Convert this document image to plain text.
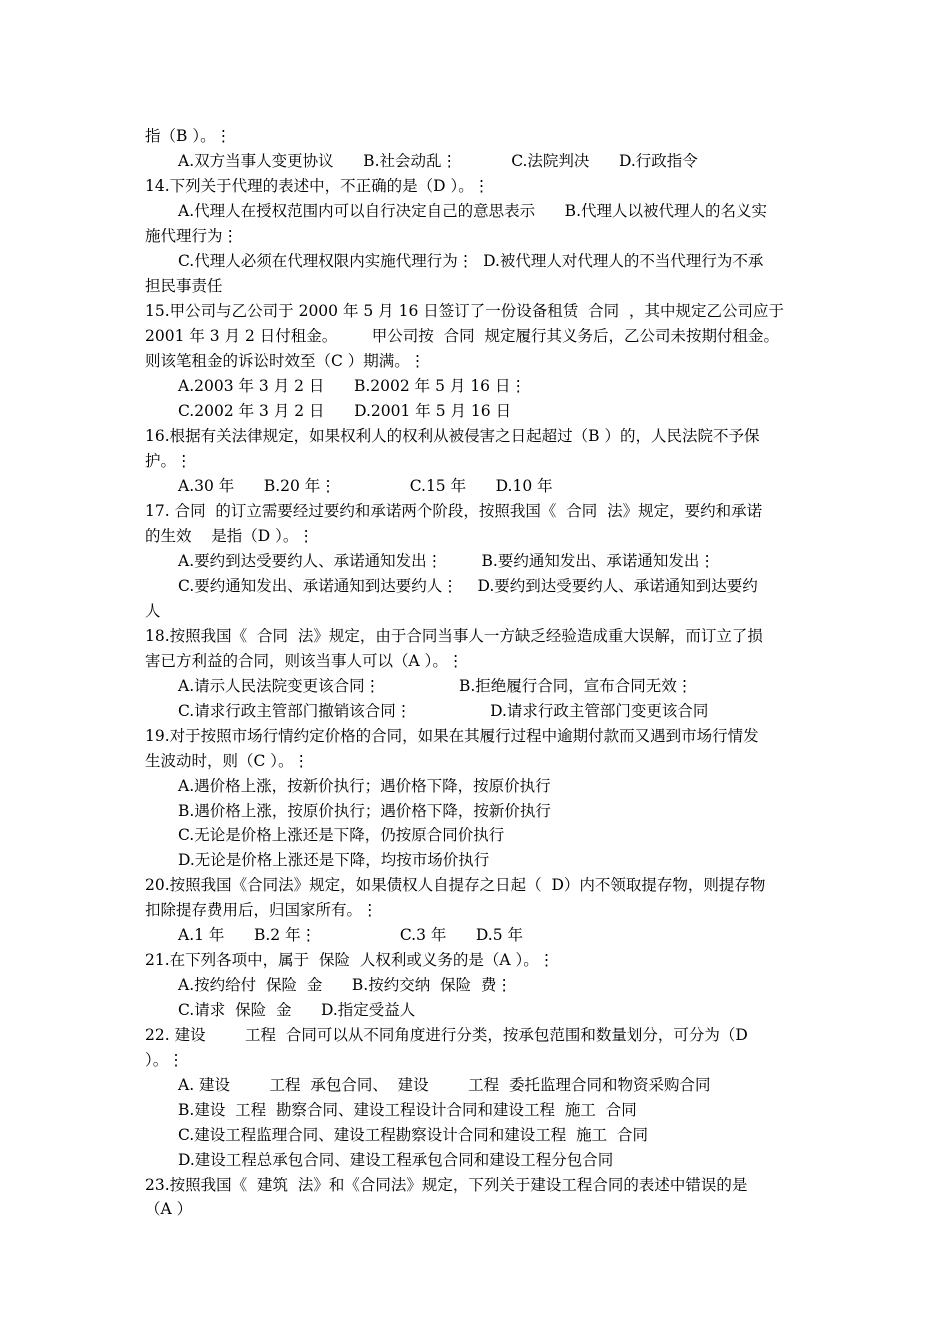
指（B ）。⋮
A.双方当事人变更协议      B.社会动乱⋮           C.法院判决      D.行政指令
14.下列关于代理的表述中，不正确的是（D ）。⋮
A.代理人在授权范围内可以自行决定自己的意思表示      B.代理人以被代理人的名义实
施代理行为⋮
C.代理人必须在代理权限内实施代理行为⋮  D.被代理人对代理人的不当代理行为不承
担民事责任
15.甲公司与乙公司于 2000 年 5 月 16 日签订了一份设备租赁  合同  ，其中规定乙公司应于
2001 年 3 月 2 日付租金。       甲公司按  合同  规定履行其义务后，乙公司未按期付租金。
则该笔租金的诉讼时效至（C ）期满。⋮
A.2003 年 3 月 2 日      B.2002 年 5 月 16 日⋮
C.2002 年 3 月 2 日      D.2001 年 5 月 16 日
16.根据有关法律规定，如果权利人的权利从被侵害之日起超过（B ）的，人民法院不予保
护。⋮
A.30 年      B.20 年⋮               C.15 年      D.10 年
17. 合同  的订立需要经过要约和承诺两个阶段，按照我国《  合同  法》规定，要约和承诺
的生效    是指（D ）。⋮
A.要约到达受要约人、承诺通知发出⋮        B.要约通知发出、承诺通知发出⋮
C.要约通知发出、承诺通知到达要约人⋮    D.要约到达受要约人、承诺通知到达要约
人
18.按照我国《  合同  法》规定，由于合同当事人一方缺乏经验造成重大误解，而订立了损
害已方利益的合同，则该当事人可以（A ）。⋮
A.请示人民法院变更该合同⋮                B.拒绝履行合同，宣布合同无效⋮
C.请求行政主管部门撤销该合同⋮                D.请求行政主管部门变更该合同
19.对于按照市场行情约定价格的合同，如果在其履行过程中逾期付款而又遇到市场行情发
生波动时，则（C ）。⋮
A.遇价格上涨，按新价执行；遇价格下降，按原价执行
B.遇价格上涨，按原价执行；遇价格下降，按新价执行
C.无论是价格上涨还是下降，仍按原合同价执行
D.无论是价格上涨还是下降，均按市场价执行
20.按照我国《合同法》规定，如果债权人自提存之日起（  D）内不领取提存物，则提存物
扣除提存费用后，归国家所有。⋮
A.1 年      B.2 年⋮                 C.3 年      D.5 年
21.在下列各项中，属于  保险  人权利或义务的是（A ）。⋮
A.按约给付  保险  金      B.按约交纳  保险  费⋮
C.请求  保险  金      D.指定受益人
22. 建设        工程  合同可以从不同角度进行分类，按承包范围和数量划分，可分为（D
）。⋮
A. 建设        工程  承包合同、  建设        工程  委托监理合同和物资采购合同
B.建设  工程  勘察合同、建设工程设计合同和建设工程  施工  合同
C.建设工程监理合同、建设工程勘察设计合同和建设工程  施工  合同
D.建设工程总承包合同、建设工程承包合同和建设工程分包合同
23.按照我国《  建筑  法》和《合同法》规定，下列关于建设工程合同的表述中错误的是
（A ）
